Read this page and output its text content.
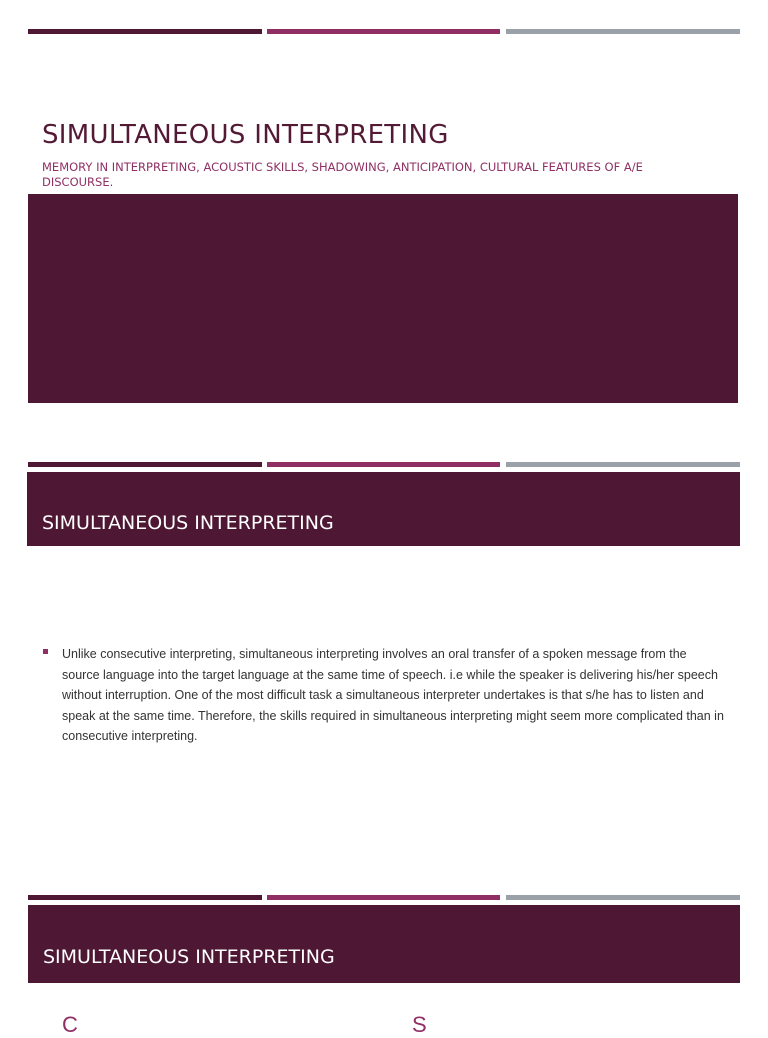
SIMULTANEOUS INTERPRETING

MEMORY IN INTERPRETING, ACOUSTIC SKILLS, SHADOWING, ANTICIPATION, CULTURAL FEATURES OF A/E DISCOURSE.

SIMULTANEOUS INTERPRETING
Unlike consecutive interpreting, simultaneous interpreting involves an oral transfer of a spoken message from the source language into the target language at the same time of speech. i.e while the speaker is delivering his/her speech without interruption. One of the most difficult task a simultaneous interpreter undertakes is that s/he has to listen and speak at the same time. Therefore, the skills required in simultaneous interpreting might seem more complicated than in consecutive interpreting.
SIMULTANEOUS INTERPRETING
C	S
